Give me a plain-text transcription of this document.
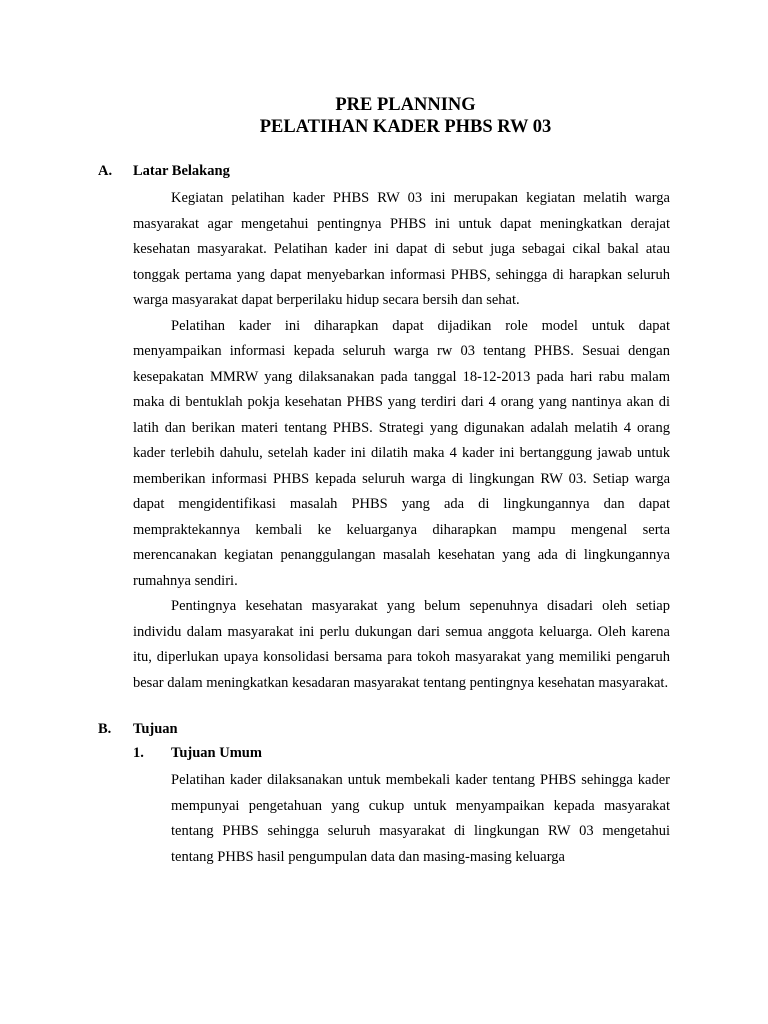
PRE PLANNING

PELATIHAN KADER PHBS RW 03

A. Latar Belakang

Kegiatan pelatihan kader PHBS RW 03 ini merupakan kegiatan melatih warga masyarakat agar mengetahui pentingnya PHBS ini untuk dapat meningkatkan derajat kesehatan masyarakat. Pelatihan kader ini dapat di sebut juga sebagai cikal bakal atau tonggak pertama yang dapat menyebarkan informasi PHBS, sehingga di harapkan seluruh warga masyarakat dapat berperilaku hidup secara bersih dan sehat.

Pelatihan kader ini diharapkan dapat dijadikan role model untuk dapat menyampaikan informasi kepada seluruh warga rw 03 tentang PHBS. Sesuai dengan kesepakatan MMRW yang dilaksanakan pada tanggal 18-12-2013 pada hari rabu malam maka di bentuklah pokja kesehatan PHBS yang terdiri dari 4 orang yang nantinya akan di latih dan berikan materi tentang PHBS. Strategi yang digunakan adalah melatih 4 orang kader terlebih dahulu, setelah kader ini dilatih maka 4 kader ini bertanggung jawab untuk memberikan informasi PHBS kepada seluruh warga di lingkungan RW 03. Setiap warga dapat mengidentifikasi masalah PHBS yang ada di lingkungannya dan dapat mempraktekannya kembali ke keluarganya diharapkan mampu mengenal serta merencanakan kegiatan penanggulangan masalah kesehatan yang ada di lingkungannya rumahnya sendiri.

Pentingnya kesehatan masyarakat yang belum sepenuhnya disadari oleh setiap individu dalam masyarakat ini perlu dukungan dari semua anggota keluarga. Oleh karena itu, diperlukan upaya konsolidasi bersama para tokoh masyarakat yang memiliki pengaruh besar dalam meningkatkan kesadaran masyarakat tentang pentingnya kesehatan masyarakat.

B. Tujuan
1. Tujuan Umum

Pelatihan kader dilaksanakan untuk membekali kader tentang PHBS sehingga kader mempunyai pengetahuan yang cukup untuk menyampaikan kepada masyarakat tentang PHBS sehingga seluruh masyarakat di lingkungan RW 03 mengetahui tentang PHBS hasil pengumpulan data dan masing-masing keluarga
